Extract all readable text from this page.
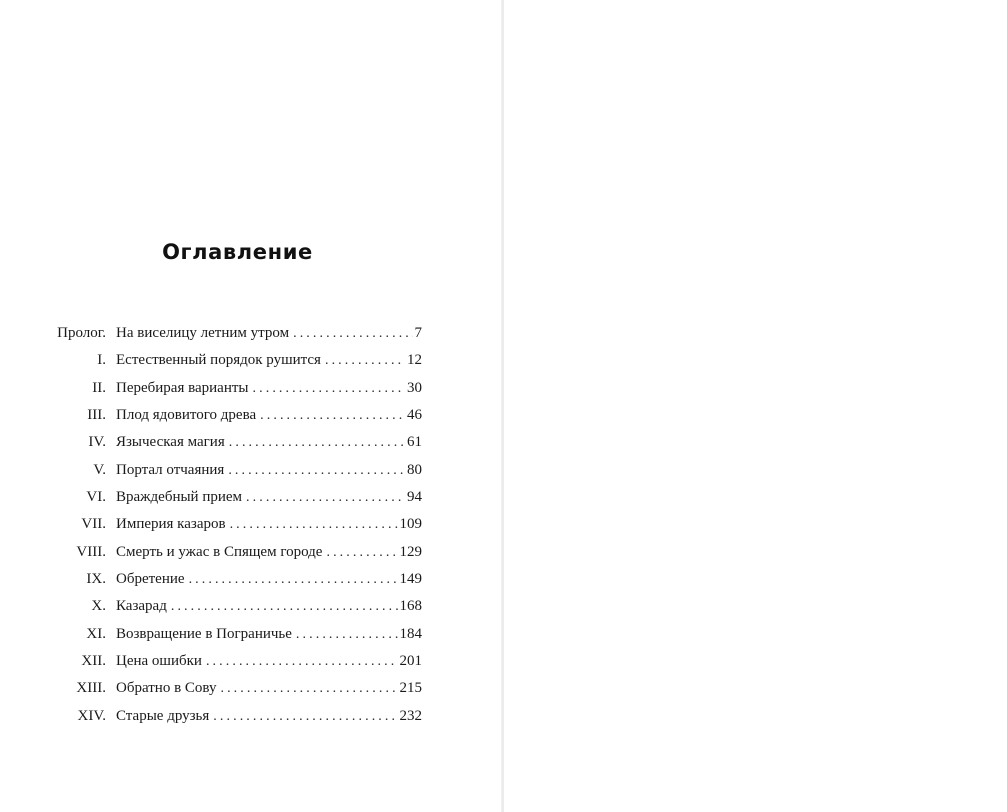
Оглавление
Пролог. На виселицу летним утром .....	7
I. Естественный порядок рушится .....	12
II. Перебирая варианты .....	30
III. Плод ядовитого древа .....	46
IV. Языческая магия .....	61
V. Портал отчаяния .....	80
VI. Враждебный прием .....	94
VII. Империя казаров .....	109
VIII. Смерть и ужас в Спящем городе .....	129
IX. Обретение .....	149
X. Казарад .....	168
XI. Возвращение в Пограничье .....	184
XII. Цена ошибки .....	201
XIII. Обратно в Сову .....	215
XIV. Старые друзья .....	232
